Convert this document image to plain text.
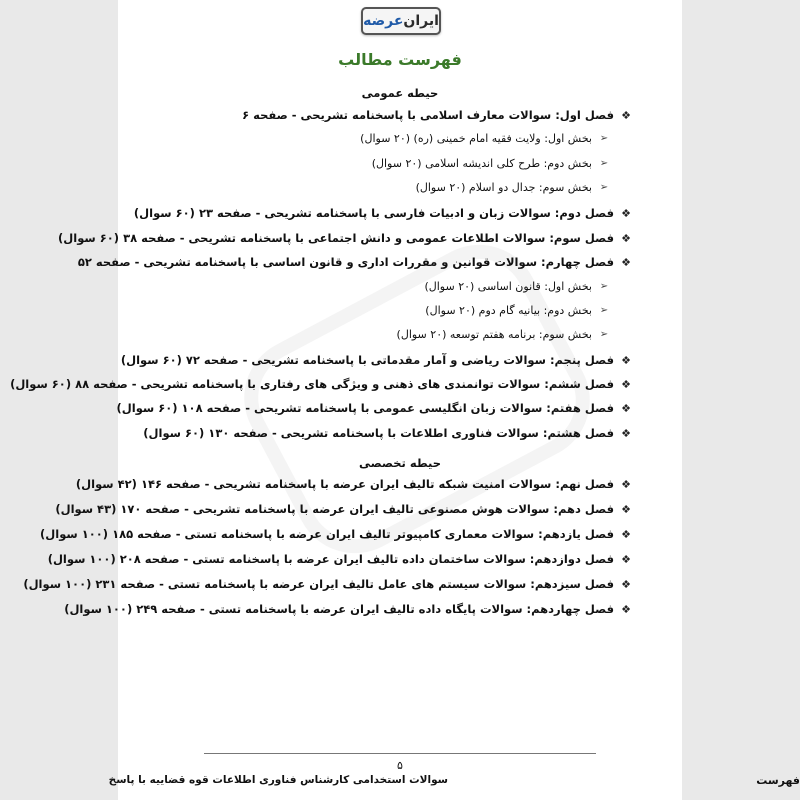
ایران
عرضه
فهرست مطالب
حیطه عمومی
حیطه تخصصی
❖
فصل اول: سوالات معارف اسلامی با پاسخنامه تشریحی - صفحه ۶
➢
بخش اول: ولایت فقیه امام خمینی (ره) (۲۰ سوال)
➢
بخش دوم: طرح کلی اندیشه اسلامی (۲۰ سوال)
➢
بخش سوم: جدال دو اسلام (۲۰ سوال)
❖
فصل دوم: سوالات زبان و ادبیات فارسی با پاسخنامه تشریحی - صفحه ۲۳ (۶۰ سوال)
❖
فصل سوم: سوالات اطلاعات عمومی و دانش اجتماعی با پاسخنامه تشریحی - صفحه ۳۸ (۶۰ سوال)
❖
فصل چهارم: سوالات قوانین و مقررات اداری و قانون اساسی با پاسخنامه تشریحی - صفحه ۵۲
➢
بخش اول: قانون اساسی (۲۰ سوال)
➢
بخش دوم: بیانیه گام دوم (۲۰ سوال)
➢
بخش سوم: برنامه هفتم توسعه (۲۰ سوال)
❖
فصل پنجم: سوالات ریاضی و آمار مقدماتی با پاسخنامه تشریحی - صفحه ۷۲ (۶۰ سوال)
❖
فصل ششم: سوالات توانمندی های ذهنی و ویژگی های رفتاری با پاسخنامه تشریحی - صفحه ۸۸ (۶۰ سوال)
❖
فصل هفتم: سوالات زبان انگلیسی عمومی با پاسخنامه تشریحی - صفحه ۱۰۸ (۶۰ سوال)
❖
فصل هشتم: سوالات فناوری اطلاعات با پاسخنامه تشریحی - صفحه ۱۳۰ (۶۰ سوال)
❖
فصل نهم: سوالات امنیت شبکه تالیف ایران عرضه با پاسخنامه تشریحی - صفحه ۱۴۶ (۴۲ سوال)
❖
فصل دهم: سوالات هوش مصنوعی تالیف ایران عرضه با پاسخنامه تشریحی - صفحه ۱۷۰ (۴۳ سوال)
❖
فصل یازدهم: سوالات معماری کامپیوتر تالیف ایران عرضه با پاسخنامه تستی - صفحه ۱۸۵ (۱۰۰ سوال)
❖
فصل دوازدهم: سوالات ساختمان داده تالیف ایران عرضه با پاسخنامه تستی - صفحه ۲۰۸ (۱۰۰ سوال)
❖
فصل سیزدهم: سوالات سیستم های عامل تالیف ایران عرضه با پاسخنامه تستی - صفحه ۲۳۱ (۱۰۰ سوال)
❖
فصل چهاردهم: سوالات پایگاه داده تالیف ایران عرضه با پاسخنامه تستی - صفحه ۲۴۹ (۱۰۰ سوال)
۵
فهرست
سوالات استخدامی کارشناس فناوری اطلاعات قوه قضاییه با پاسخ
